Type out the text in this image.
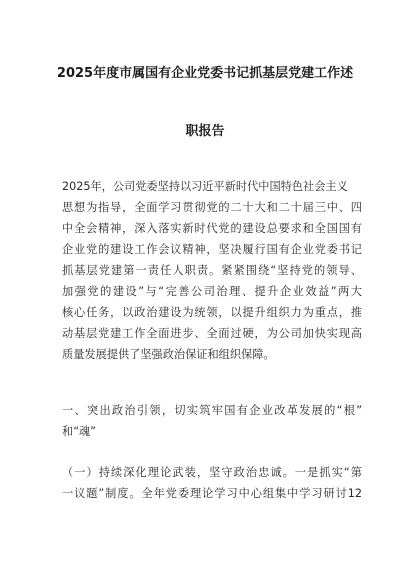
2025年度市属国有企业党委书记抓基层党建工作述
职报告
2025年，公司党委坚持以习近平新时代中国特色社会主义
思想为指导，全面学习贯彻党的二十大和二十届三中、四
中全会精神，深入落实新时代党的建设总要求和全国国有
企业党的建设工作会议精神，坚决履行国有企业党委书记
抓基层党建第一责任人职责。紧紧围绕“坚持党的领导、
加强党的建设”与“完善公司治理、提升企业效益”两大
核心任务，以政治建设为统领，以提升组织力为重点，推
动基层党建工作全面进步、全面过硬，为公司加快实现高
质量发展提供了坚强政治保证和组织保障。
一、突出政治引领，切实筑牢国有企业改革发展的“根”
和“魂”
（一）持续深化理论武装，坚守政治忠诚。一是抓实“第
一议题”制度。全年党委理论学习中心组集中学习研讨12
